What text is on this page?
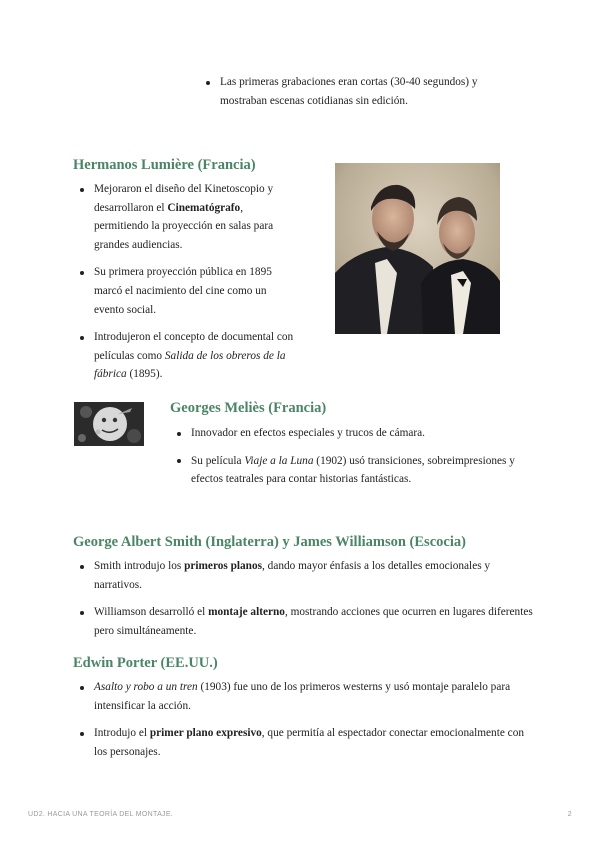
Las primeras grabaciones eran cortas (30-40 segundos) y mostraban escenas cotidianas sin edición.
Hermanos Lumière (Francia)
Mejoraron el diseño del Kinetoscopio y desarrollaron el Cinematógrafo, permitiendo la proyección en salas para grandes audiencias.
Su primera proyección pública en 1895 marcó el nacimiento del cine como un evento social.
Introdujeron el concepto de documental con películas como Salida de los obreros de la fábrica (1895).
Georges Meliès (Francia)
Innovador en efectos especiales y trucos de cámara.
Su película Viaje a la Luna (1902) usó transiciones, sobreimpresiones y efectos teatrales para contar historias fantásticas.
George Albert Smith (Inglaterra) y James Williamson (Escocia)
Smith introdujo los primeros planos, dando mayor énfasis a los detalles emocionales y narrativos.
Williamson desarrolló el montaje alterno, mostrando acciones que ocurren en lugares diferentes pero simultáneamente.
Edwin Porter (EE.UU.)
Asalto y robo a un tren (1903) fue uno de los primeros westerns y usó montaje paralelo para intensificar la acción.
Introdujo el primer plano expresivo, que permitía al espectador conectar emocionalmente con los personajes.
UD2. HACIA UNA TEORÍA DEL MONTAJE.	2
